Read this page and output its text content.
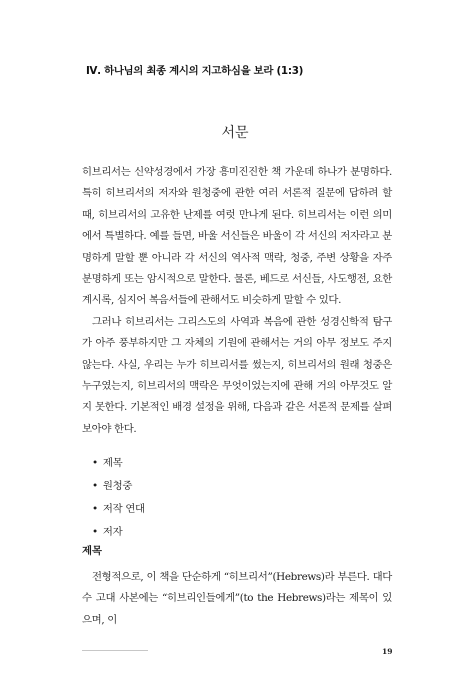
Ⅳ. 하나님의 최종 계시의 지고하심을 보라 (1:3)
서문

히브리서는 신약성경에서 가장 흥미진진한 책 가운데 하나가 분명하다. 특히 히브리서의 저자와 원청중에 관한 여러 서론적 질문에 답하려 할 때, 히브리서의 고유한 난제를 여럿 만나게 된다. 히브리서는 이런 의미에서 특별하다. 예를 들면, 바울 서신들은 바울이 각 서신의 저자라고 분명하게 말할 뿐 아니라 각 서신의 역사적 맥락, 청중, 주변 상황을 자주 분명하게 또는 암시적으로 말한다. 물론, 베드로 서신들, 사도행전, 요한계시록, 심지어 복음서들에 관해서도 비슷하게 말할 수 있다.

그러나 히브리서는 그리스도의 사역과 복음에 관한 성경신학적 탐구가 아주 풍부하지만 그 자체의 기원에 관해서는 거의 아무 정보도 주지 않는다. 사실, 우리는 누가 히브리서를 썼는지, 히브리서의 원래 청중은 누구였는지, 히브리서의 맥락은 무엇이었는지에 관해 거의 아무것도 알지 못한다. 기본적인 배경 설정을 위해, 다음과 같은 서론적 문제를 살펴보아야 한다.

• 제목
• 원청중
• 저작 연대
• 저자
제목
전형적으로, 이 책을 단순하게 “히브리서”(Hebrews)라 부른다. 대다수 고대 사본에는 “히브리인들에게”(to the Hebrews)라는 제목이 있으며, 이
19
